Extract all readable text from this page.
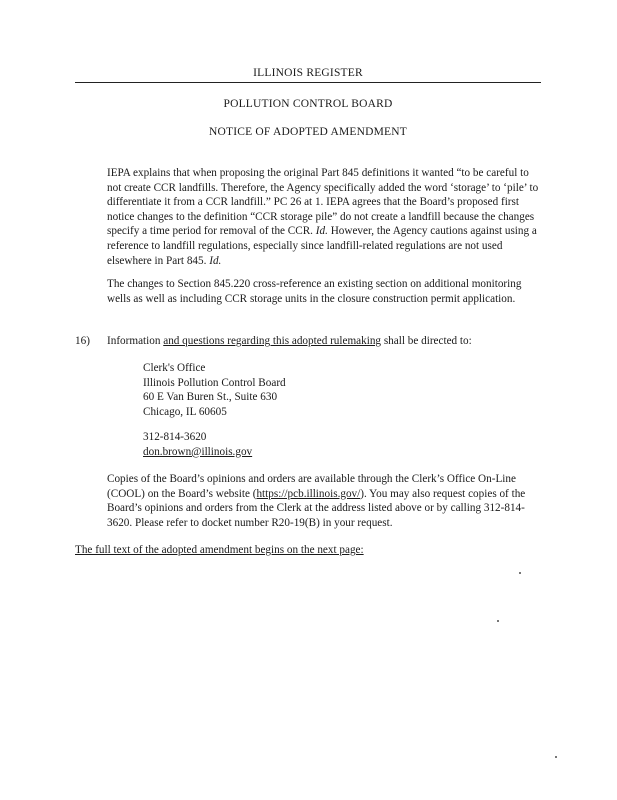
ILLINOIS REGISTER
POLLUTION CONTROL BOARD
NOTICE OF ADOPTED AMENDMENT
IEPA explains that when proposing the original Part 845 definitions it wanted “to be careful to not create CCR landfills. Therefore, the Agency specifically added the word ‘storage’ to ‘pile’ to differentiate it from a CCR landfill.” PC 26 at 1. IEPA agrees that the Board’s proposed first notice changes to the definition “CCR storage pile” do not create a landfill because the changes specify a time period for removal of the CCR. Id. However, the Agency cautions against using a reference to landfill regulations, especially since landfill-related regulations are not used elsewhere in Part 845. Id.
The changes to Section 845.220 cross-reference an existing section on additional monitoring wells as well as including CCR storage units in the closure construction permit application.
16) Information and questions regarding this adopted rulemaking shall be directed to:
Clerk's Office
Illinois Pollution Control Board
60 E Van Buren St., Suite 630
Chicago, IL 60605
312-814-3620
don.brown@illinois.gov
Copies of the Board’s opinions and orders are available through the Clerk’s Office On-Line (COOL) on the Board’s website (https://pcb.illinois.gov/). You may also request copies of the Board’s opinions and orders from the Clerk at the address listed above or by calling 312-814-3620. Please refer to docket number R20-19(B) in your request.
The full text of the adopted amendment begins on the next page:
